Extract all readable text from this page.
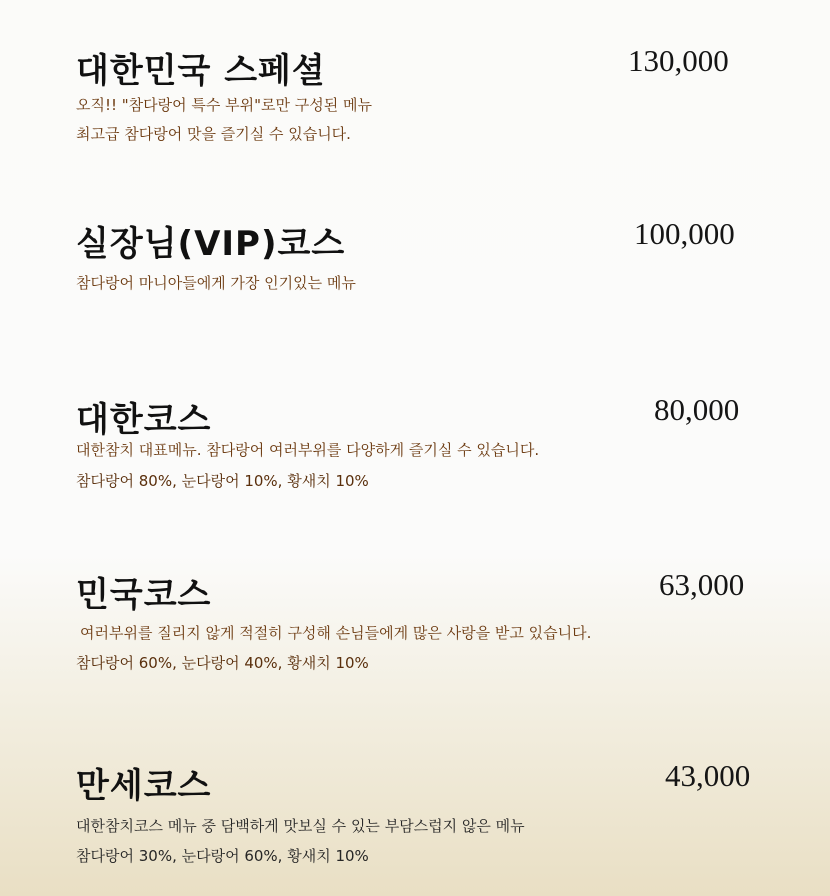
대한민국 스페셜	130,000

오직!! "참다랑어 특수 부위"로만 구성된 메뉴

최고급 참다랑어 맛을 즐기실 수 있습니다.

실장님(VIP)코스	100,000

참다랑어 마니아들에게 가장 인기있는 메뉴

대한코스	80,000

대한참치 대표메뉴. 참다랑어 여러부위를 다양하게 즐기실 수 있습니다.

참다랑어 80%, 눈다랑어 10%, 황새치 10%

민국코스	63,000

여러부위를 질리지 않게 적절히 구성해 손님들에게 많은 사랑을 받고 있습니다.

참다랑어 60%, 눈다랑어 40%, 황새치 10%

만세코스	43,000

대한참치코스 메뉴 중 담백하게 맛보실 수 있는 부담스럽지 않은 메뉴

참다랑어 30%, 눈다랑어 60%, 황새치 10%
